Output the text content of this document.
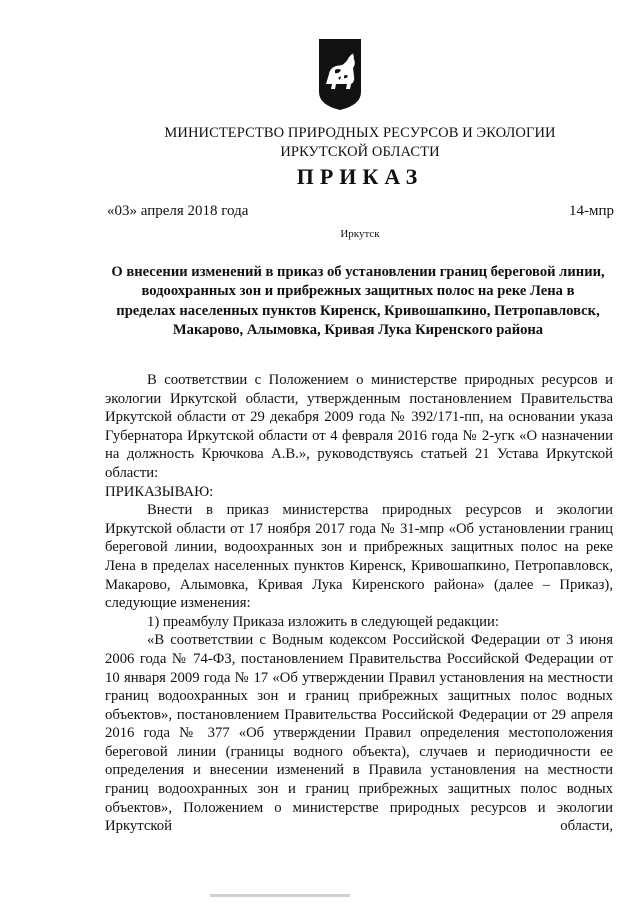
МИНИСТЕРСТВО ПРИРОДНЫХ РЕСУРСОВ И ЭКОЛОГИИ
ИРКУТСКОЙ ОБЛАСТИ
ПРИКАЗ
«03» апреля 2018 года	14-мпр
Иркутск
О внесении изменений в приказ об установлении границ береговой линии, водоохранных зон и прибрежных защитных полос на реке Лена в пределах населенных пунктов Киренск, Кривошапкино, Петропавловск, Макарово, Алымовка, Кривая Лука Киренского района

В соответствии с Положением о министерстве природных ресурсов и экологии Иркутской области, утвержденным постановлением Правительства Иркутской области от 29 декабря 2009 года № 392/171-пп, на основании указа Губернатора Иркутской области от 4 февраля 2016 года № 2-угк «О назначении на должность Крючкова А.В.», руководствуясь статьей 21 Устава Иркутской области:

ПРИКАЗЫВАЮ:

Внести в приказ министерства природных ресурсов и экологии Иркутской области от 17 ноября 2017 года № 31-мпр «Об установлении границ береговой линии, водоохранных зон и прибрежных защитных полос на реке Лена в пределах населенных пунктов Киренск, Кривошапкино, Петропавловск, Макарово, Алымовка, Кривая Лука Киренского района» (далее – Приказ), следующие изменения:

1) преамбулу Приказа изложить в следующей редакции:

«В соответствии с Водным кодексом Российской Федерации от 3 июня 2006 года № 74-ФЗ, постановлением Правительства Российской Федерации от 10 января 2009 года № 17 «Об утверждении Правил установления на местности границ водоохранных зон и границ прибрежных защитных полос водных объектов», постановлением Правительства Российской Федерации от 29 апреля 2016 года № 377 «Об утверждении Правил определения местоположения береговой линии (границы водного объекта), случаев и периодичности ее определения и внесении изменений в Правила установления на местности границ водоохранных зон и границ прибрежных защитных полос водных объектов», Положением о министерстве природных ресурсов и экологии Иркутской области,
